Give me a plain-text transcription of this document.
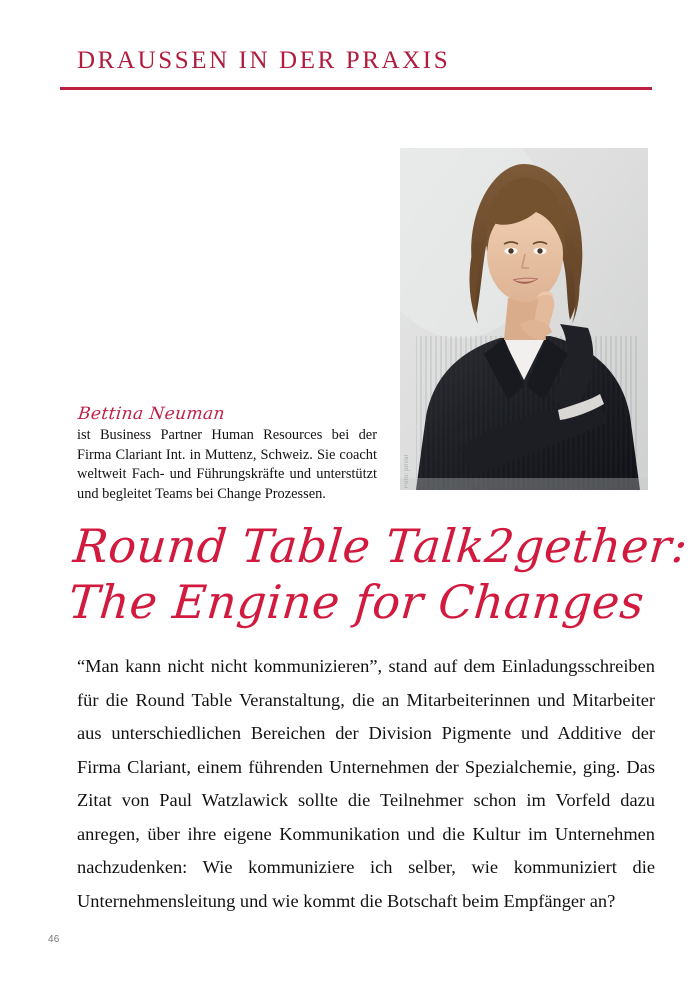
DRAUSSEN IN DER PRAXIS
Foto: privat
Bettina Neuman
ist Business Partner Human Resources bei der Firma Clariant Int. in Muttenz, Schweiz. Sie coacht weltweit Fach- und Führungskräfte und unterstützt und begleitet Teams bei Change Prozessen.
Round Table Talk2gether:
The Engine for Changes
“Man kann nicht nicht kommunizieren”, stand auf dem Einladungsschreiben für die Round Table Veranstaltung, die an Mitarbeiterinnen und Mitarbeiter aus unterschiedlichen Bereichen der Division Pigmente und Additive der Firma Clariant, einem führenden Unternehmen der Spezialchemie, ging. Das Zitat von Paul Watzlawick sollte die Teilnehmer schon im Vorfeld dazu anregen, über ihre eigene Kommunikation und die Kultur im Unternehmen nachzudenken: Wie kommuniziere ich selber, wie kommuniziert die Unternehmensleitung und wie kommt die Botschaft beim Empfänger an?
46
